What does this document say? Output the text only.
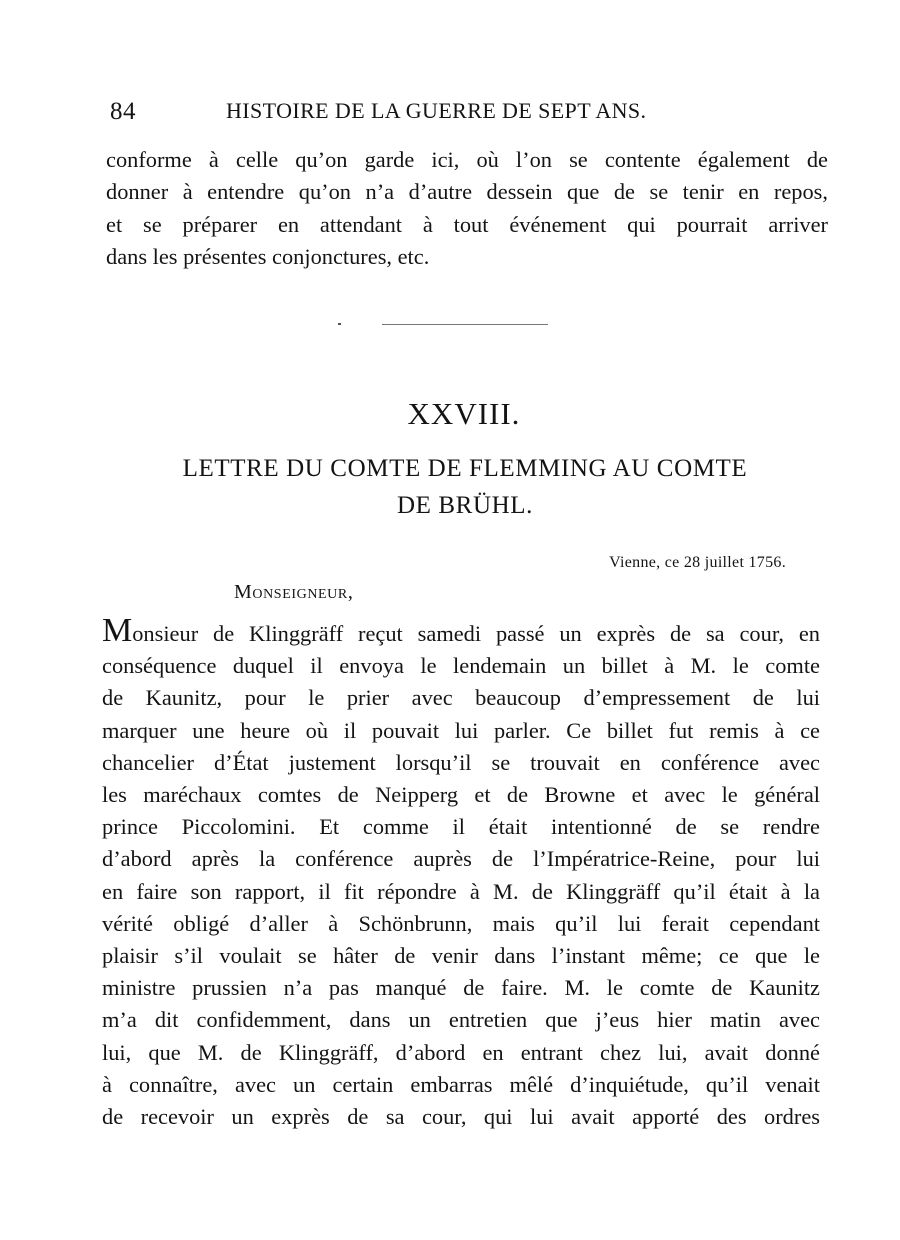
84	HISTOIRE DE LA GUERRE DE SEPT ANS.
conforme à celle qu’on garde ici, où l’on se contente également de
donner à entendre qu’on n’a d’autre dessein que de se tenir en repos,
et se préparer en attendant à tout événement qui pourrait arriver
dans les présentes conjonctures, etc.
XXVIII.
LETTRE DU COMTE DE FLEMMING AU COMTE
DE BRÜHL.
Vienne, ce 28 juillet 1756.
Monseigneur,
Monsieur de Klinggräff reçut samedi passé un exprès de sa cour, en
conséquence duquel il envoya le lendemain un billet à M. le comte
de Kaunitz, pour le prier avec beaucoup d’empressement de lui
marquer une heure où il pouvait lui parler. Ce billet fut remis à ce
chancelier d’État justement lorsqu’il se trouvait en conférence avec
les maréchaux comtes de Neipperg et de Browne et avec le général
prince Piccolomini. Et comme il était intentionné de se rendre
d’abord après la conférence auprès de l’Impératrice-Reine, pour lui
en faire son rapport, il fit répondre à M. de Klinggräff qu’il était à la
vérité obligé d’aller à Schönbrunn, mais qu’il lui ferait cependant
plaisir s’il voulait se hâter de venir dans l’instant même; ce que le
ministre prussien n’a pas manqué de faire. M. le comte de Kaunitz
m’a dit confidemment, dans un entretien que j’eus hier matin avec
lui, que M. de Klinggräff, d’abord en entrant chez lui, avait donné
à connaître, avec un certain embarras mêlé d’inquiétude, qu’il venait
de recevoir un exprès de sa cour, qui lui avait apporté des ordres
